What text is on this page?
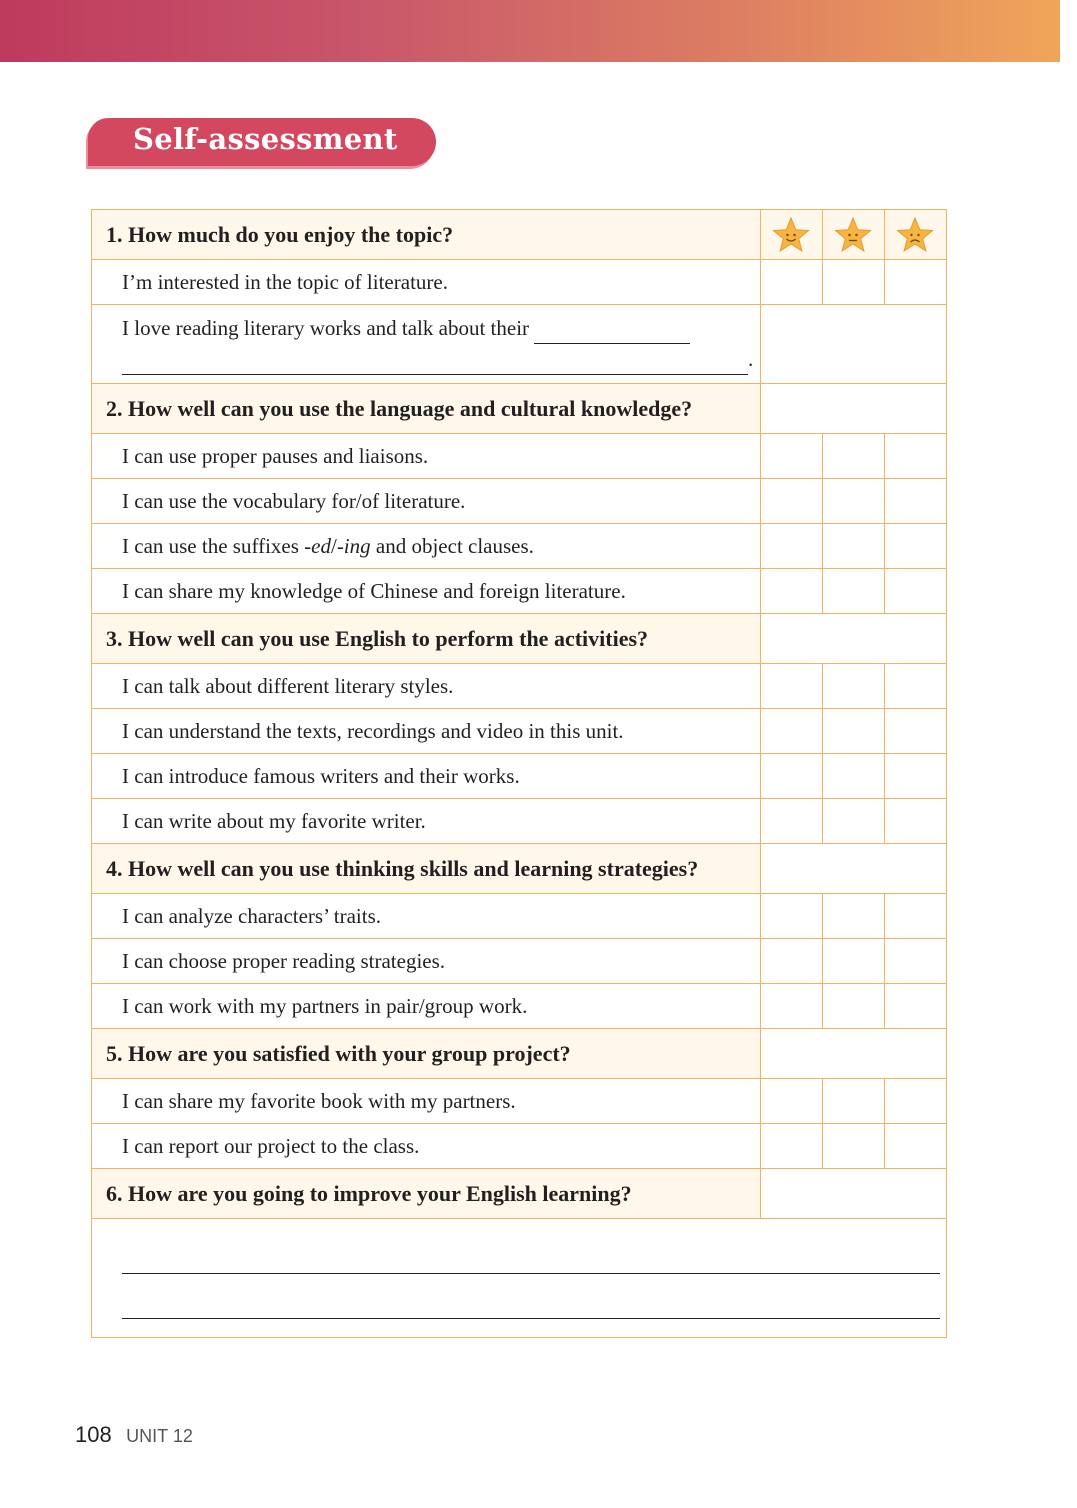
Self-assessment
1. How much do you enjoy the topic?	

I’m interested in the topic of literature.			

I love reading literary works and talk about their
.			

2. How well can you use the language and cultural knowledge?			
I can use proper pauses and liaisons.			
I can use the vocabulary for/of literature.			
I can use the suffixes -ed/-ing and object clauses.			
I can share my knowledge of Chinese and foreign literature.			
3. How well can you use English to perform the activities?			
I can talk about different literary styles.			
I can understand the texts, recordings and video in this unit.			
I can introduce famous writers and their works.			
I can write about my favorite writer.			
4. How well can you use thinking skills and learning strategies?			
I can analyze characters’ traits.			
I can choose proper reading strategies.			
I can work with my partners in pair/group work.			
5. How are you satisfied with your group project?			
I can share my favorite book with my partners.			
I can report our project to the class.			
6. How are you going to improve your English learning?			

108 UNIT 12
